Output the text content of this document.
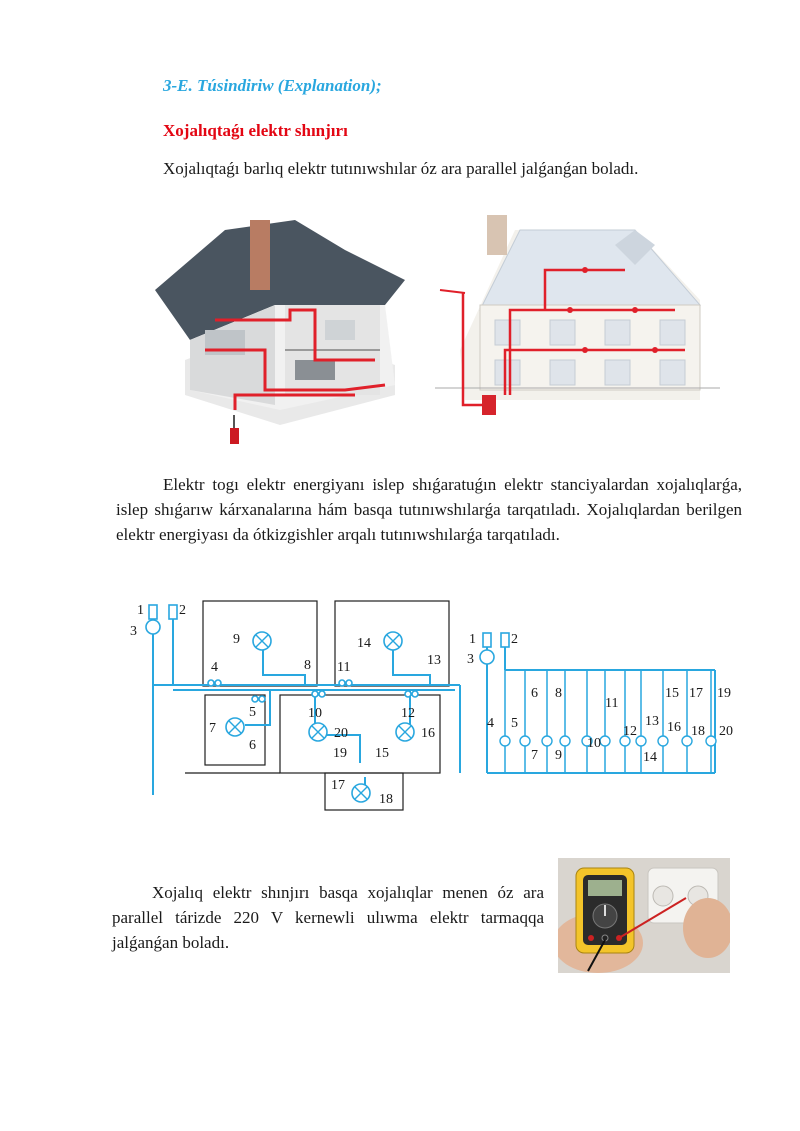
3-E. Túsindiriw (Explanation);
Xojalıqtaǵı elektr shınjırı
Xojalıqtaǵı barlıq elektr tutınıwshılar óz ara parallel jalǵanǵan boladı.
Elektr togı elektr energiyanı islep shıǵaratuǵın elektr stanciyalardan xojalıqlarǵa, islep shıǵarıw kárxanalarına hám basqa tutınıwshılarǵa tarqatıladı. Xojalıqlardan berilgen elektr energiyası da ótkizgishler arqalı tutınıwshılarǵa tarqatıladı.
1	2
3
4
5
6
7
8
9
10
11
12
13
14
15
16
17
18
19
20
1	2
3
4 5
6
7
8
9
10
11
12
13
14
15
16
17
18
19
20
Xojalıq elektr shınjırı basqa xojalıqlar menen óz ara parallel tárizde 220 V kernewli ulıwma elektr tarmaqqa jalǵanǵan boladı.
